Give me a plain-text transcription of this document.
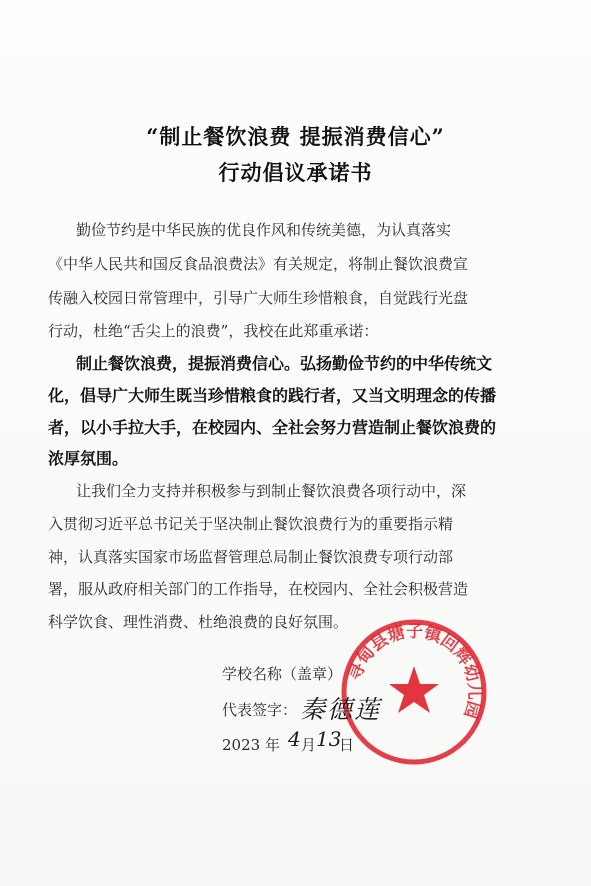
“制止餐饮浪费 提振消费信心”
行动倡议承诺书
勤俭节约是中华民族的优良作风和传统美德，为认真落实
《中华人民共和国反食品浪费法》有关规定，将制止餐饮浪费宣
传融入校园日常管理中，引导广大师生珍惜粮食，自觉践行光盘
行动，杜绝“舌尖上的浪费”，我校在此郑重承诺：
制止餐饮浪费，提振消费信心。弘扬勤俭节约的中华传统文
化，倡导广大师生既当珍惜粮食的践行者，又当文明理念的传播
者，以小手拉大手，在校园内、全社会努力营造制止餐饮浪费的
浓厚氛围。
让我们全力支持并积极参与到制止餐饮浪费各项行动中，深
入贯彻习近平总书记关于坚决制止餐饮浪费行为的重要指示精
神，认真落实国家市场监督管理总局制止餐饮浪费专项行动部
署，服从政府相关部门的工作指导，在校园内、全社会积极营造
科学饮食、理性消费、杜绝浪费的良好氛围。
寻甸县塘子镇回辉幼儿园
学校名称（盖章）
代表签字： 秦德莲
2023 年 4 月 13
日
